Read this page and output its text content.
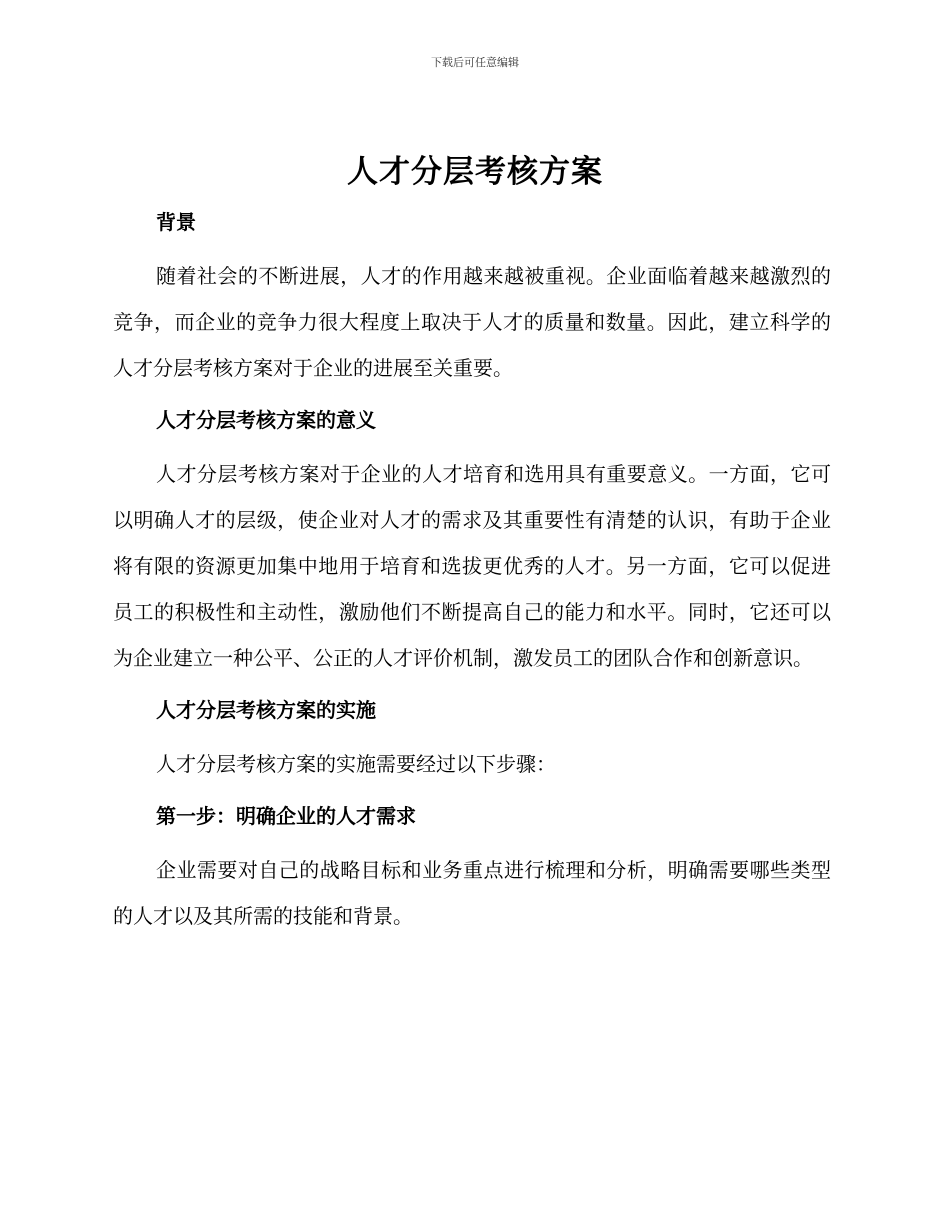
下载后可任意编辑
人才分层考核方案
背景

随着社会的不断进展，人才的作用越来越被重视。企业面临着越来越激烈的竞争，而企业的竞争力很大程度上取决于人才的质量和数量。因此，建立科学的人才分层考核方案对于企业的进展至关重要。

人才分层考核方案的意义

人才分层考核方案对于企业的人才培育和选用具有重要意义。一方面，它可以明确人才的层级，使企业对人才的需求及其重要性有清楚的认识，有助于企业将有限的资源更加集中地用于培育和选拔更优秀的人才。另一方面，它可以促进员工的积极性和主动性，激励他们不断提高自己的能力和水平。同时，它还可以为企业建立一种公平、公正的人才评价机制，激发员工的团队合作和创新意识。

人才分层考核方案的实施

人才分层考核方案的实施需要经过以下步骤：

第一步：明确企业的人才需求

企业需要对自己的战略目标和业务重点进行梳理和分析，明确需要哪些类型的人才以及其所需的技能和背景。
